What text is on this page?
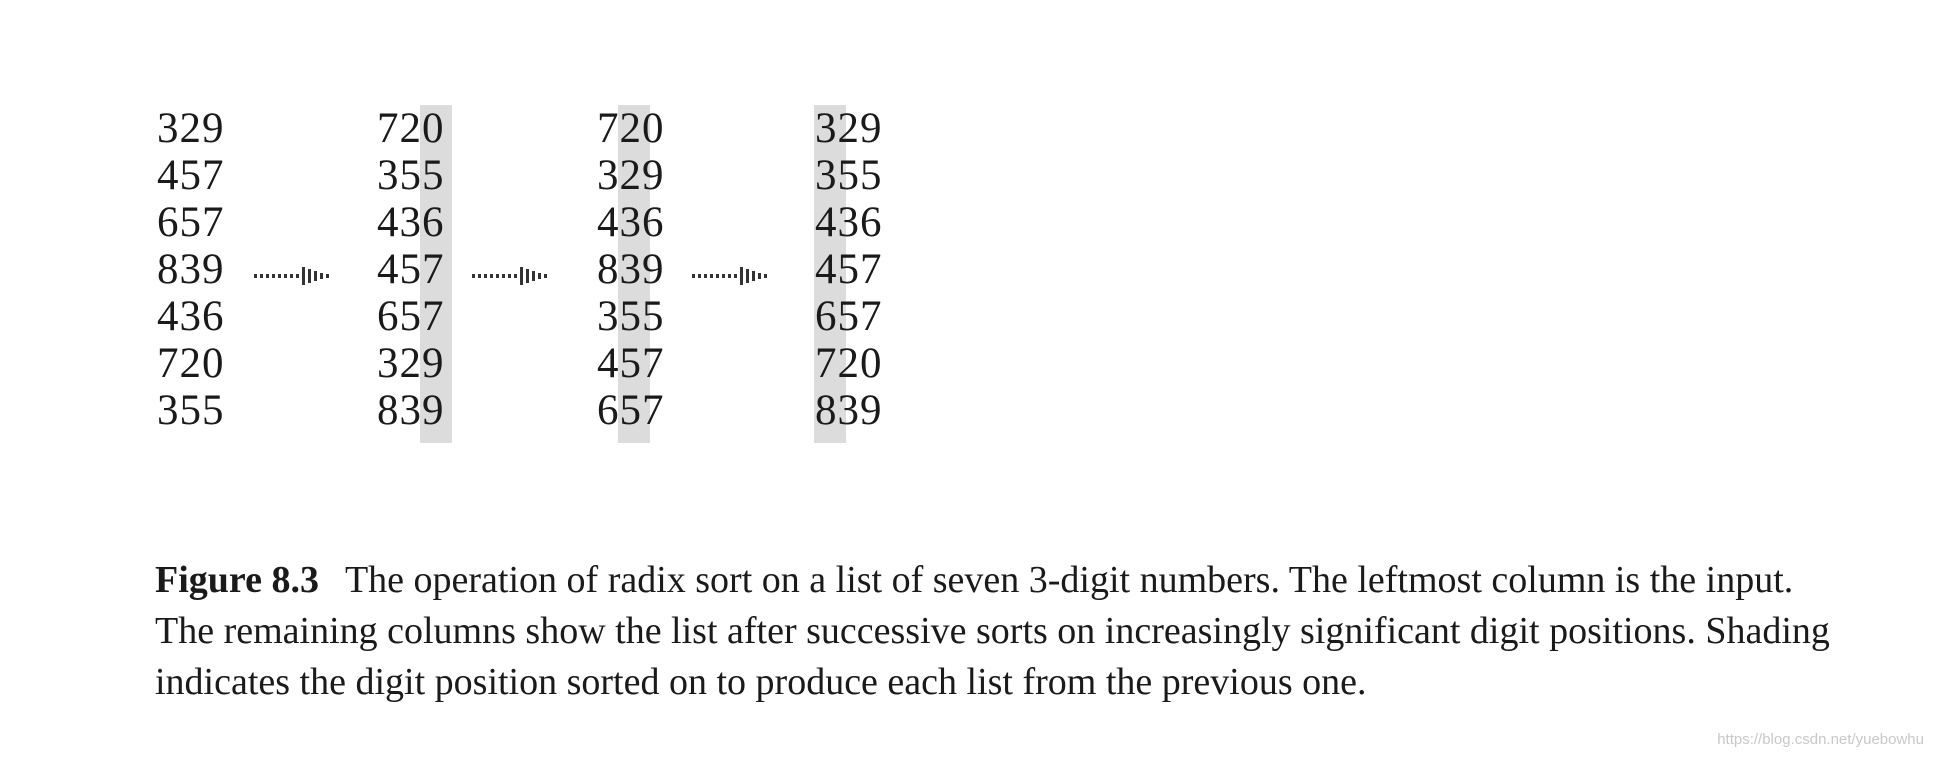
329
457
657
839
436
720
355
720
355
436
457
657
329
839
720
329
436
839
355
457
657
329
355
436
457
657
720
839
Figure 8.3 The operation of radix sort on a list of seven 3-digit numbers. The leftmost column is the input. The remaining columns show the list after successive sorts on increasingly significant digit positions. Shading indicates the digit position sorted on to produce each list from the previous one.
https://blog.csdn.net/yuebowhu
